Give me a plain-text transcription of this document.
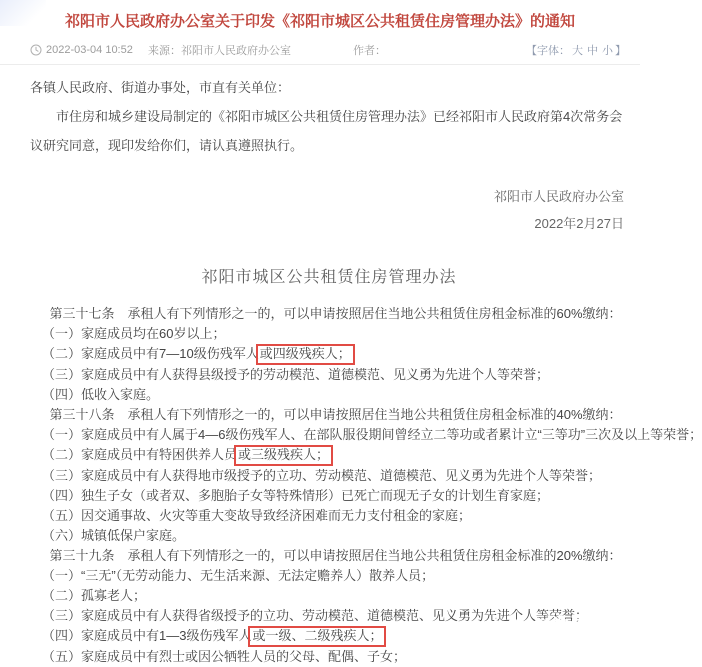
祁阳市人民政府办公室关于印发《祁阳市城区公共租赁住房管理办法》的通知
2022-03-04 10:52 来源：祁阳市人民政府办公室	作者：	【字体： 大 中 小 】

各镇人民政府、街道办事处，市直有关单位：

市住房和城乡建设局制定的《祁阳市城区公共租赁住房管理办法》已经祁阳市人民政府第4次常务会议研究同意，现印发给你们，请认真遵照执行。

祁阳市人民政府办公室

2022年2月27日

祁阳市城区公共租赁住房管理办法

第三十七条　承租人有下列情形之一的，可以申请按照居住当地公共租赁住房租金标准的60%缴纳：

（一）家庭成员均在60岁以上；

（二）家庭成员中有7—10级伤残军人或四级残疾人；

（三）家庭成员中有人获得县级授予的劳动模范、道德模范、见义勇为先进个人等荣誉；

（四）低收入家庭。

第三十八条　承租人有下列情形之一的，可以申请按照居住当地公共租赁住房租金标准的40%缴纳：

（一）家庭成员中有人属于4—6级伤残军人、在部队服役期间曾经立二等功或者累计立“三等功”三次及以上等荣誉；

（二）家庭成员中有特困供养人员或三级残疾人；

（三）家庭成员中有人获得地市级授予的立功、劳动模范、道德模范、见义勇为先进个人等荣誉；

（四）独生子女（或者双、多胞胎子女等特殊情形）已死亡而现无子女的计划生育家庭；

（五）因交通事故、火灾等重大变故导致经济困难而无力支付租金的家庭；

（六）城镇低保户家庭。

第三十九条　承租人有下列情形之一的，可以申请按照居住当地公共租赁住房租金标准的20%缴纳：

（一）“三无”（无劳动能力、无生活来源、无法定赡养人）散养人员；

（二）孤寡老人；

（三）家庭成员中有人获得省级授予的立功、劳动模范、道德模范、见义勇为先进个人等荣誉；

（四）家庭成员中有1—3级伤残军人或一级、二级残疾人；

（五）家庭成员中有烈士或因公牺牲人员的父母、配偶、子女；

头条 @为民热线
